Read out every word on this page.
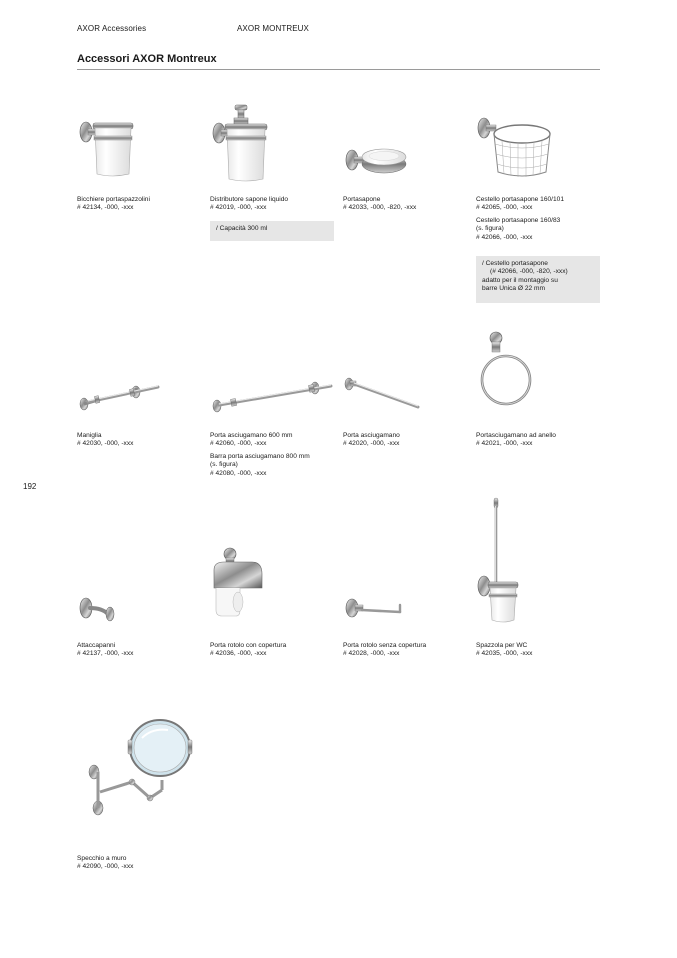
AXOR Accessories	AXOR MONTREUX
Accessori AXOR Montreux
192
Bicchiere portaspazzolini
# 42134, -000, -xxx
Distributore sapone liquido
# 42019, -000, -xxx
/ Capacità 300 ml
Portasapone
# 42033, -000, -820, -xxx
Cestello portasapone 160/101
# 42065, -000, -xxx
Cestello portasapone 160/83
(s. figura)
# 42066, -000, -xxx
/ Cestello portasapone
(# 42066, -000, -820, -xxx)
adatto per il montaggio su
barre Unica Ø 22 mm
Maniglia
# 42030, -000, -xxx
Porta asciugamano 600 mm
# 42060, -000, -xxx
Barra porta asciugamano 800 mm
(s. figura)
# 42080, -000, -xxx
Porta asciugamano
# 42020, -000, -xxx
Portasciugamano ad anello
# 42021, -000, -xxx
Attaccapanni
# 42137, -000, -xxx
Porta rotolo con copertura
# 42036, -000, -xxx
Porta rotolo senza copertura
# 42028, -000, -xxx
Spazzola per WC
# 42035, -000, -xxx
Specchio a muro
# 42090, -000, -xxx
